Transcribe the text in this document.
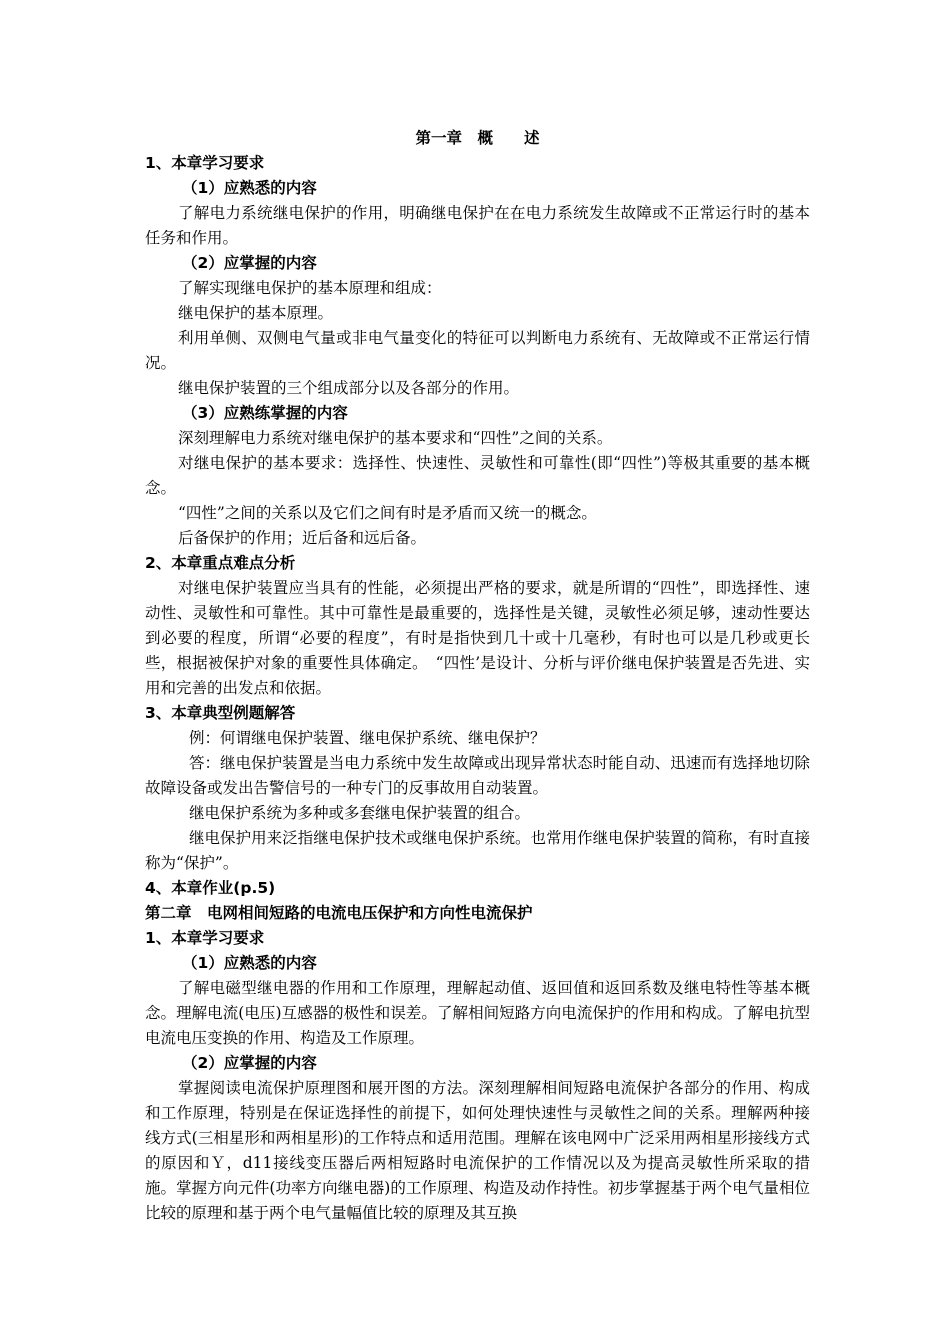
第一章　概　　述
1、本章学习要求
（1）应熟悉的内容

了解电力系统继电保护的作用，明确继电保护在在电力系统发生故障或不正常运行时的基本任务和作用。

（2）应掌握的内容

了解实现继电保护的基本原理和组成：

继电保护的基本原理。

利用单侧、双侧电气量或非电气量变化的特征可以判断电力系统有、无故障或不正常运行情况。

继电保护装置的三个组成部分以及各部分的作用。

（3）应熟练掌握的内容

深刻理解电力系统对继电保护的基本要求和“四性”之间的关系。

对继电保护的基本要求：选择性、快速性、灵敏性和可靠性(即“四性”)等极其重要的基本概念。

“四性”之间的关系以及它们之间有时是矛盾而又统一的概念。

后备保护的作用；近后备和远后备。

2、本章重点难点分析

对继电保护装置应当具有的性能，必须提出严格的要求，就是所谓的“四性”，即选择性、速动性、灵敏性和可靠性。其中可靠性是最重要的，选择性是关键，灵敏性必须足够，速动性要达到必要的程度，所谓“必要的程度”，有时是指快到几十或十几毫秒，有时也可以是几秒或更长些，根据被保护对象的重要性具体确定。　“四性’是设计、分析与评价继电保护装置是否先进、实用和完善的出发点和依据。

3、本章典型例题解答

例：何谓继电保护装置、继电保护系统、继电保护？

答：继电保护装置是当电力系统中发生故障或出现异常状态时能自动、迅速而有选择地切除故障设备或发出告警信号的一种专门的反事故用自动装置。

继电保护系统为多种或多套继电保护装置的组合。

继电保护用来泛指继电保护技术或继电保护系统。也常用作继电保护装置的简称，有时直接称为“保护”。

4、本章作业(p.5)
第二章　电网相间短路的电流电压保护和方向性电流保护
1、本章学习要求
（1）应熟悉的内容

了解电磁型继电器的作用和工作原理，理解起动值、返回值和返回系数及继电特性等基本概念。理解电流(电压)互感器的极性和误差。了解相间短路方向电流保护的作用和构成。了解电抗型电流电压变换的作用、构造及工作原理。

（2）应掌握的内容

掌握阅读电流保护原理图和展开图的方法。深刻理解相间短路电流保护各部分的作用、构成和工作原理，特别是在保证选择性的前提下，如何处理快速性与灵敏性之间的关系。理解两种接线方式(三相星形和两相星形)的工作特点和适用范围。理解在该电网中广泛采用两相星形接线方式的原因和Ｙ，d11接线变压器后两相短路时电流保护的工作情况以及为提高灵敏性所采取的措施。掌握方向元件(功率方向继电器)的工作原理、构造及动作持性。初步掌握基于两个电气量相位比较的原理和基于两个电气量幅值比较的原理及其互换
